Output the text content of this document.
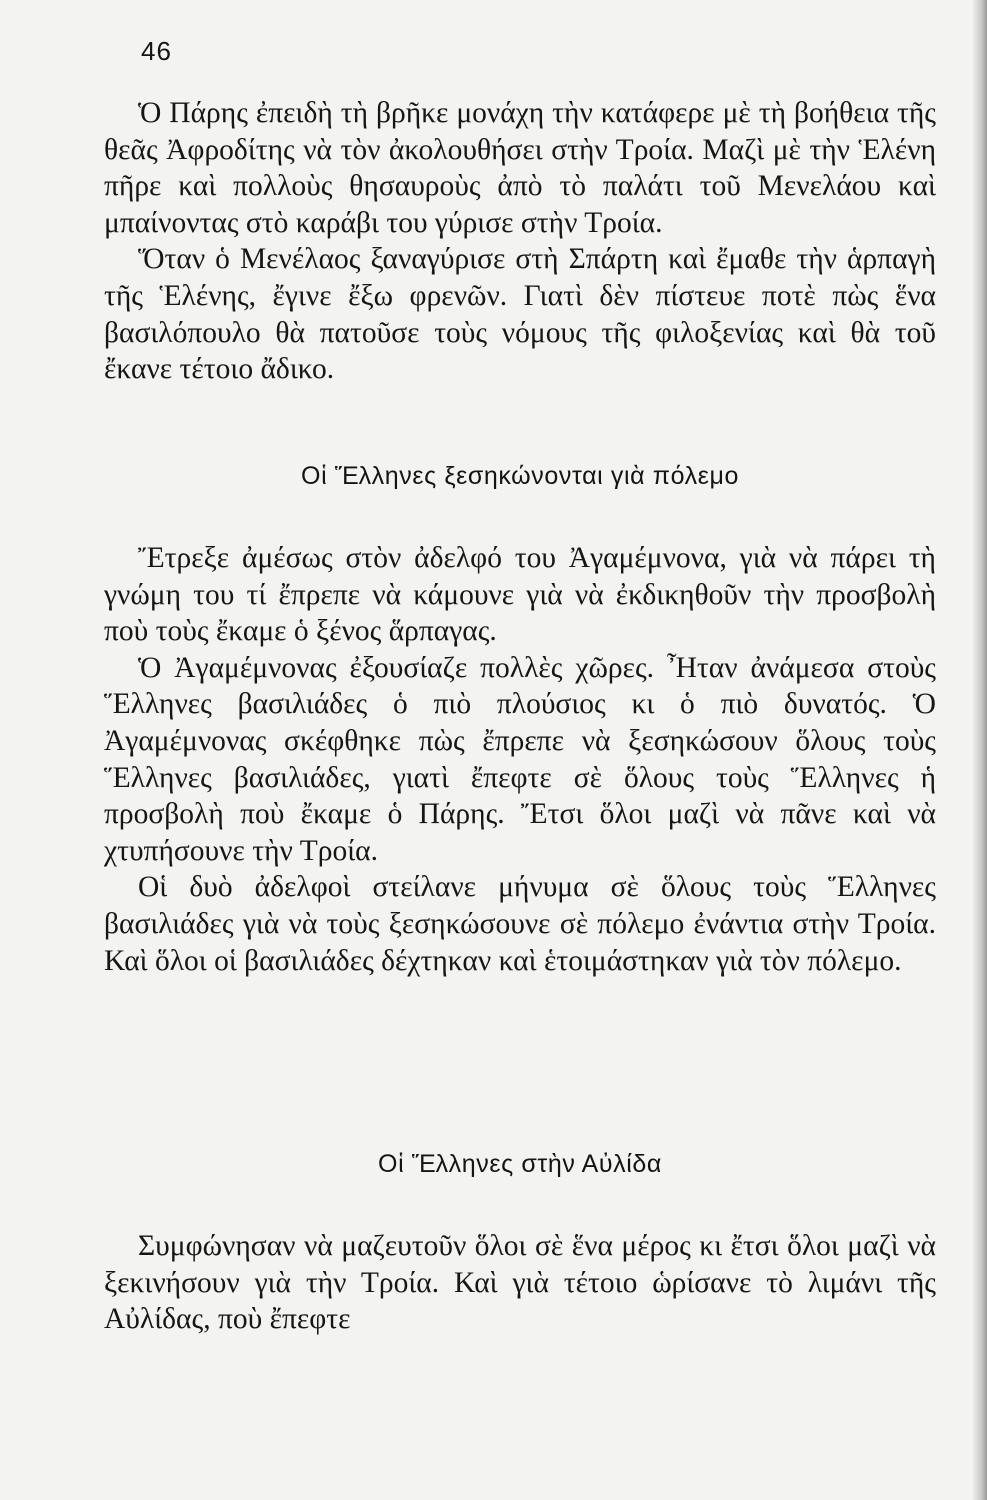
46

Ὁ Πάρης ἐπειδὴ τὴ βρῆκε μονάχη τὴν κατάφερε μὲ τὴ βοήθεια τῆς θεᾶς Ἀφροδίτης νὰ τὸν ἀκολουθήσει στὴν Τροία. Μαζὶ μὲ τὴν Ἑλένη πῆρε καὶ πολλοὺς θησαυροὺς ἀπὸ τὸ παλάτι τοῦ Μενελάου καὶ μπαίνοντας στὸ καράβι του γύρισε στὴν Τροία.

Ὅταν ὁ Μενέλαος ξαναγύρισε στὴ Σπάρτη καὶ ἔμαθε τὴν ἁρπαγὴ τῆς Ἑλένης, ἔγινε ἔξω φρενῶν. Γιατὶ δὲν πίστευε ποτὲ πὼς ἕνα βασιλόπουλο θὰ πατοῦσε τοὺς νόμους τῆς φιλοξενίας καὶ θὰ τοῦ ἔκανε τέτοιο ἄδικο.

Οἱ Ἕλληνες ξεσηκώνονται γιὰ πόλεμο

Ἔτρεξε ἀμέσως στὸν ἀδελφό του Ἀγαμέμνονα, γιὰ νὰ πάρει τὴ γνώμη του τί ἔπρεπε νὰ κάμουνε γιὰ νὰ ἐκδικηθοῦν τὴν προσβολὴ ποὺ τοὺς ἔκαμε ὁ ξένος ἅρπαγας.

Ὁ Ἀγαμέμνονας ἐξουσίαζε πολλὲς χῶρες. Ἦταν ἀνάμεσα στοὺς Ἕλληνες βασιλιάδες ὁ πιὸ πλούσιος κι ὁ πιὸ δυνατός. Ὁ Ἀγαμέμνονας σκέφθηκε πὼς ἔπρεπε νὰ ξεσηκώσουν ὅλους τοὺς Ἕλληνες βασιλιάδες, γιατὶ ἔπεφτε σὲ ὅλους τοὺς Ἕλληνες ἡ προσβολὴ ποὺ ἔκαμε ὁ Πάρης. Ἔτσι ὅλοι μαζὶ νὰ πᾶνε καὶ νὰ χτυπήσουνε τὴν Τροία.

Οἱ δυὸ ἀδελφοὶ στείλανε μήνυμα σὲ ὅλους τοὺς Ἕλληνες βασιλιάδες γιὰ νὰ τοὺς ξεσηκώσουνε σὲ πόλεμο ἐνάντια στὴν Τροία. Καὶ ὅλοι οἱ βασιλιάδες δέχτηκαν καὶ ἑτοιμάστηκαν γιὰ τὸν πόλεμο.

Οἱ Ἕλληνες στὴν Αὐλίδα

Συμφώνησαν νὰ μαζευτοῦν ὅλοι σὲ ἕνα μέρος κι ἔτσι ὅλοι μαζὶ νὰ ξεκινήσουν γιὰ τὴν Τροία. Καὶ γιὰ τέτοιο ὡρίσανε τὸ λιμάνι τῆς Αὐλίδας, ποὺ ἔπεφτε
